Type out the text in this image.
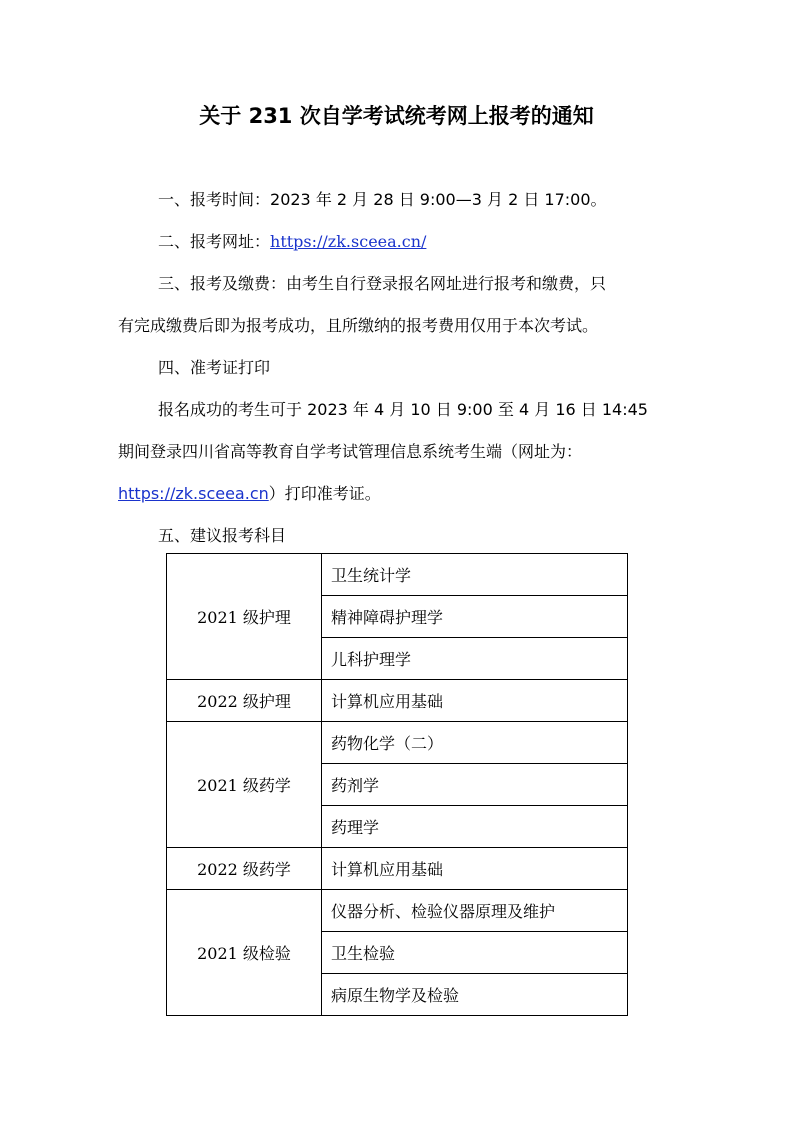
关于 231 次自学考试统考网上报考的通知
一、报考时间：2023 年 2 月 28 日 9:00—3 月 2 日 17:00。
二、报考网址：https://zk.sceea.cn/
三、报考及缴费：由考生自行登录报名网址进行报考和缴费，只
有完成缴费后即为报考成功，且所缴纳的报考费用仅用于本次考试。
四、准考证打印
报名成功的考生可于 2023 年 4 月 10 日 9:00 至 4 月 16 日 14:45
期间登录四川省高等教育自学考试管理信息系统考生端（网址为：
https://zk.sceea.cn）打印准考证。
五、建议报考科目
2021 级护理	卫生统计学
	精神障碍护理学
	儿科护理学
2022 级护理	计算机应用基础
2021 级药学	药物化学（二）
	药剂学
	药理学
2022 级药学	计算机应用基础
2021 级检验	仪器分析、检验仪器原理及维护
	卫生检验
	病原生物学及检验
